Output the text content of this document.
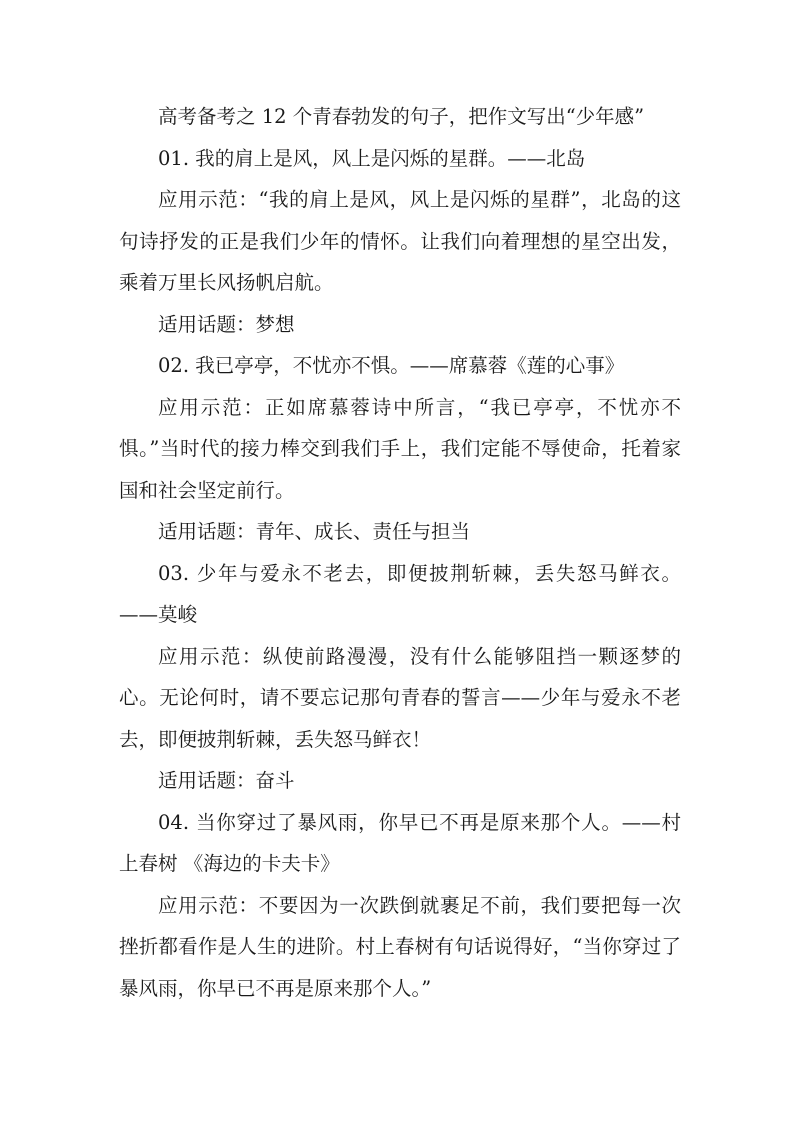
高考备考之 12 个青春勃发的句子，把作文写出“少年感”

01. 我的肩上是风，风上是闪烁的星群。——北岛

应用示范：“我的肩上是风，风上是闪烁的星群”，北岛的这句诗抒发的正是我们少年的情怀。让我们向着理想的星空出发，乘着万里长风扬帆启航。

适用话题：梦想

02. 我已亭亭，不忧亦不惧。——席慕蓉《莲的心事》

应用示范：正如席慕蓉诗中所言，“我已亭亭，不忧亦不惧。”当时代的接力棒交到我们手上，我们定能不辱使命，托着家国和社会坚定前行。

适用话题：青年、成长、责任与担当

03. 少年与爱永不老去，即便披荆斩棘，丢失怒马鲜衣。——莫峻

应用示范：纵使前路漫漫，没有什么能够阻挡一颗逐梦的心。无论何时，请不要忘记那句青春的誓言——少年与爱永不老去，即便披荆斩棘，丢失怒马鲜衣！

适用话题：奋斗

04. 当你穿过了暴风雨，你早已不再是原来那个人。——村上春树 《海边的卡夫卡》

应用示范：不要因为一次跌倒就裹足不前，我们要把每一次挫折都看作是人生的进阶。村上春树有句话说得好，“当你穿过了暴风雨，你早已不再是原来那个人。”
